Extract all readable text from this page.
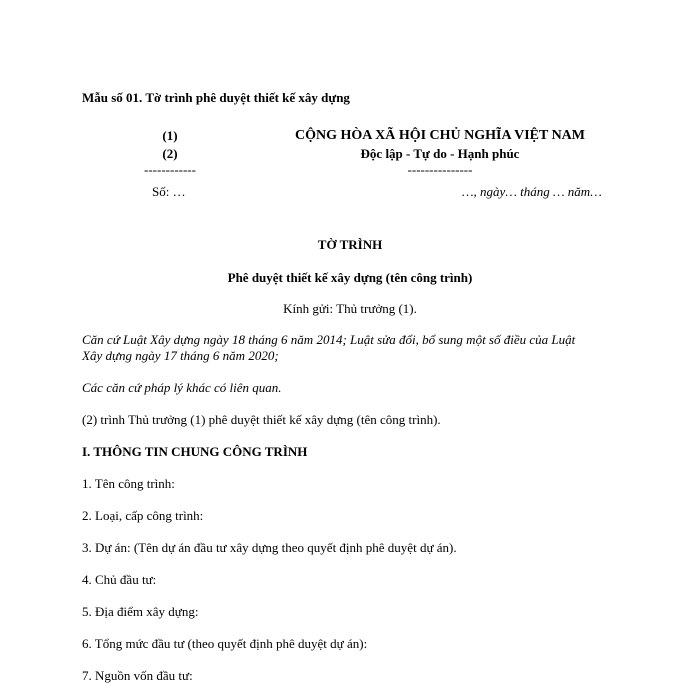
Mẫu số 01. Tờ trình phê duyệt thiết kế xây dựng
(1)
(2)
------------
Số: …
CỘNG HÒA XÃ HỘI CHỦ NGHĨA VIỆT NAM
Độc lập - Tự do - Hạnh phúc
---------------
…, ngày… tháng … năm…
TỜ TRÌNH
Phê duyệt thiết kế xây dựng (tên công trình)
Kính gửi: Thủ trưởng (1).
Căn cứ Luật Xây dựng ngày 18 tháng 6 năm 2014; Luật sửa đổi, bổ sung một số điều của Luật
Xây dựng ngày 17 tháng 6 năm 2020;
Các căn cứ pháp lý khác có liên quan.
(2) trình Thủ trưởng (1) phê duyệt thiết kế xây dựng (tên công trình).
I. THÔNG TIN CHUNG CÔNG TRÌNH
1. Tên công trình:
2. Loại, cấp công trình:
3. Dự án: (Tên dự án đầu tư xây dựng theo quyết định phê duyệt dự án).
4. Chủ đầu tư:
5. Địa điểm xây dựng:
6. Tổng mức đầu tư (theo quyết định phê duyệt dự án):
7. Nguồn vốn đầu tư:
